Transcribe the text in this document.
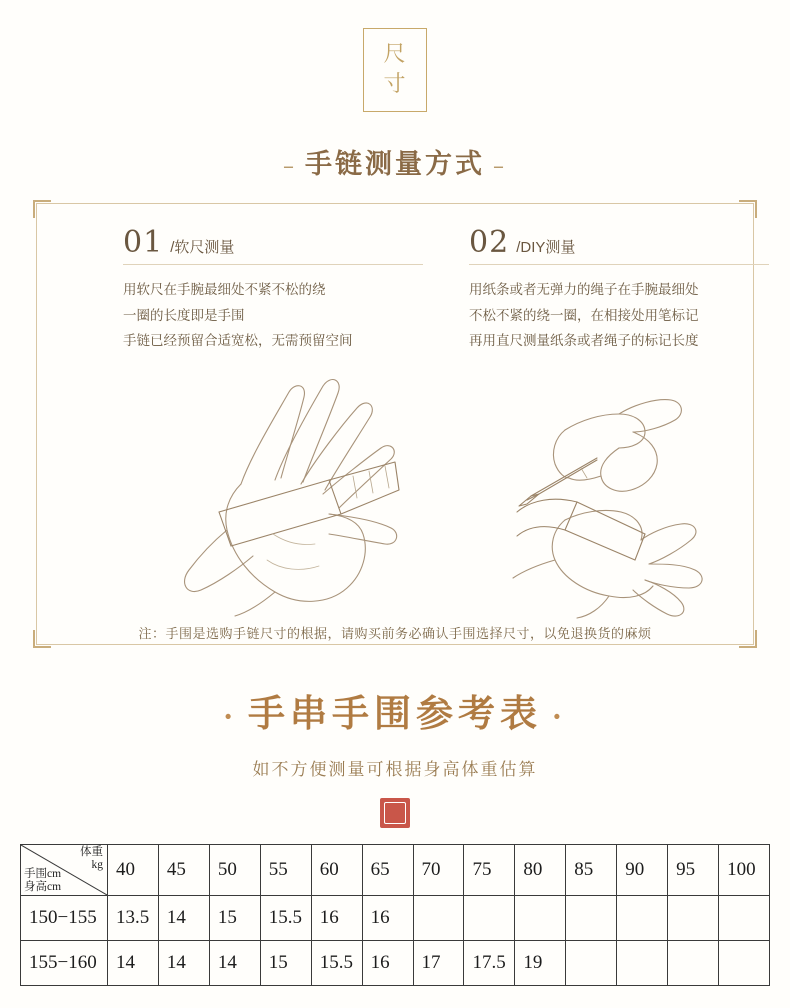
尺
寸
– 手链测量方式 –
01 /软尺测量
用软尺在手腕最细处不紧不松的绕
一圈的长度即是手围
手链已经预留合适宽松，无需预留空间
02 /DIY测量
用纸条或者无弹力的绳子在手腕最细处
不松不紧的绕一圈，在相接处用笔标记
再用直尺测量纸条或者绳子的标记长度
注：手围是选购手链尺寸的根据，请购买前务必确认手围选择尺寸，以免退换货的麻烦
· 手串手围参考表 ·
如不方便测量可根据身高体重估算
体重
kg
手围cm
身高cm	40	45	50	55	60	65	70	75	80	85	90	95	100
150−155	13.5	14	15	15.5	16	16							
155−160	14	14	14	15	15.5	16	17	17.5	19				
